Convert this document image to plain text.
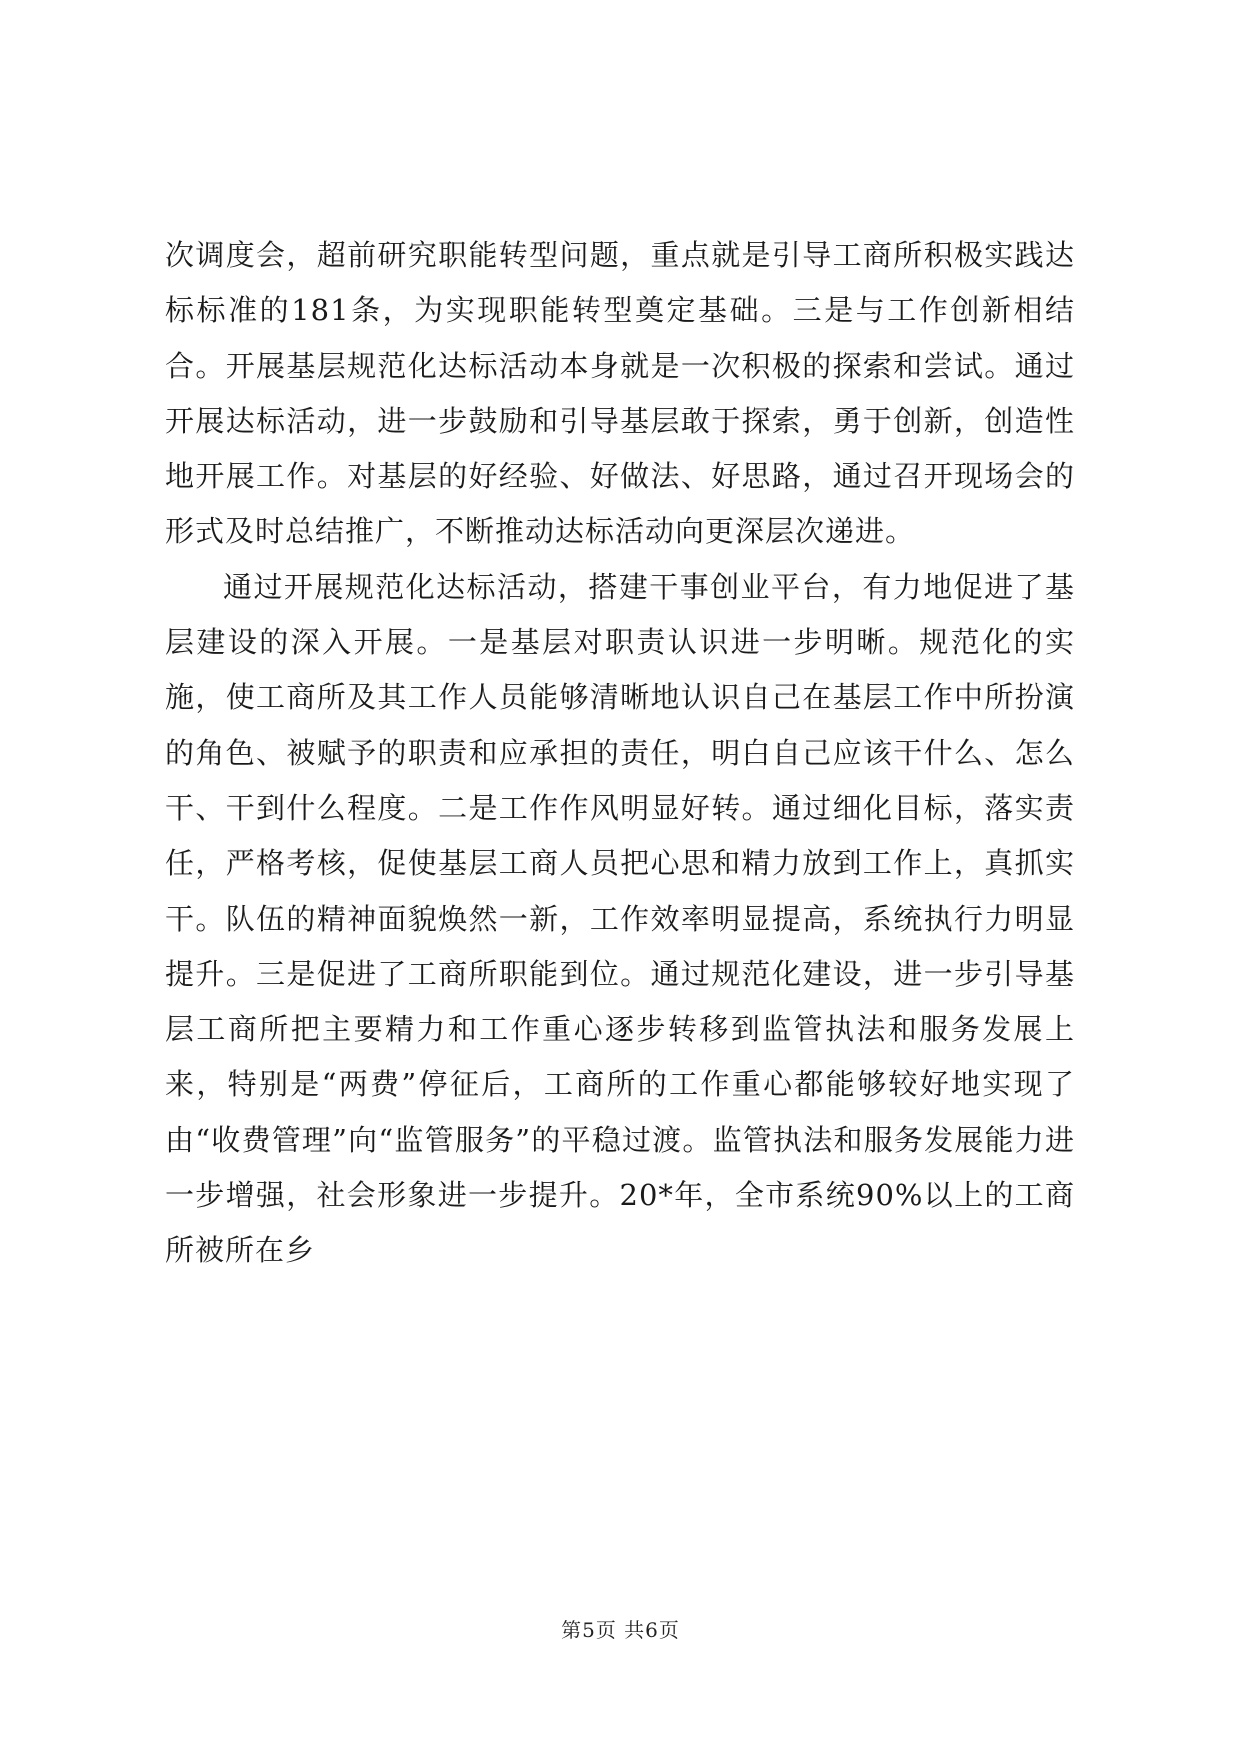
次调度会，超前研究职能转型问题，重点就是引导工商所积极实践达标标准的181条，为实现职能转型奠定基础。三是与工作创新相结合。开展基层规范化达标活动本身就是一次积极的探索和尝试。通过开展达标活动，进一步鼓励和引导基层敢于探索，勇于创新，创造性地开展工作。对基层的好经验、好做法、好思路，通过召开现场会的形式及时总结推广，不断推动达标活动向更深层次递进。

通过开展规范化达标活动，搭建干事创业平台，有力地促进了基层建设的深入开展。一是基层对职责认识进一步明晰。规范化的实施，使工商所及其工作人员能够清晰地认识自己在基层工作中所扮演的角色、被赋予的职责和应承担的责任，明白自己应该干什么、怎么干、干到什么程度。二是工作作风明显好转。通过细化目标，落实责任，严格考核，促使基层工商人员把心思和精力放到工作上，真抓实干。队伍的精神面貌焕然一新，工作效率明显提高，系统执行力明显提升。三是促进了工商所职能到位。通过规范化建设，进一步引导基层工商所把主要精力和工作重心逐步转移到监管执法和服务发展上来，特别是“两费”停征后，工商所的工作重心都能够较好地实现了由“收费管理”向“监管服务”的平稳过渡。监管执法和服务发展能力进一步增强，社会形象进一步提升。20*年，全市系统90%以上的工商所被所在乡

第5页 共6页
